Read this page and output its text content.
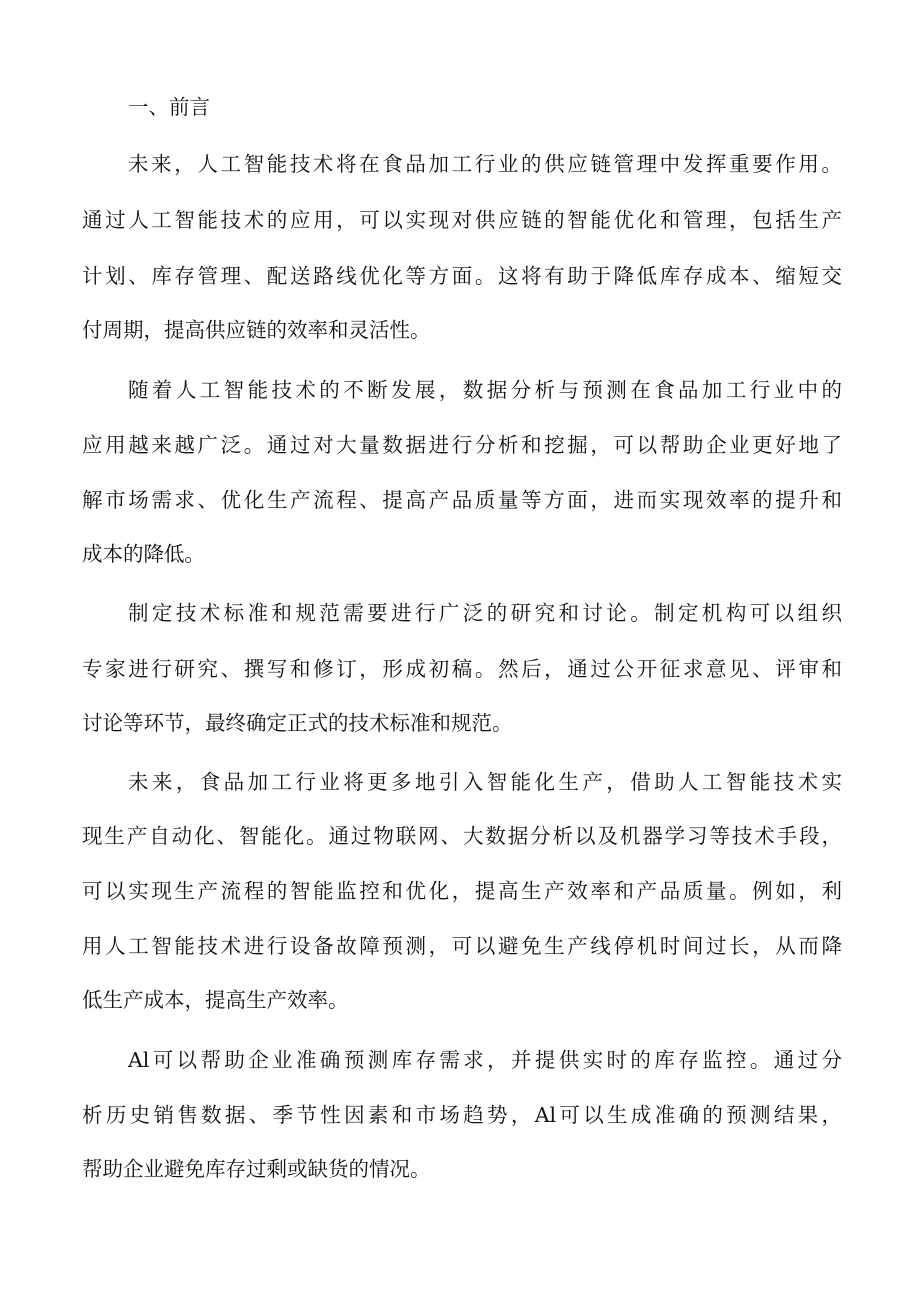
一、前言
未来，人工智能技术将在食品加工行业的供应链管理中发挥重要作用。
通过人工智能技术的应用，可以实现对供应链的智能优化和管理，包括生产
计划、库存管理、配送路线优化等方面。这将有助于降低库存成本、缩短交
付周期，提高供应链的效率和灵活性。
随着人工智能技术的不断发展，数据分析与预测在食品加工行业中的
应用越来越广泛。通过对大量数据进行分析和挖掘，可以帮助企业更好地了
解市场需求、优化生产流程、提高产品质量等方面，进而实现效率的提升和
成本的降低。
制定技术标准和规范需要进行广泛的研究和讨论。制定机构可以组织
专家进行研究、撰写和修订，形成初稿。然后，通过公开征求意见、评审和
讨论等环节，最终确定正式的技术标准和规范。
未来，食品加工行业将更多地引入智能化生产，借助人工智能技术实
现生产自动化、智能化。通过物联网、大数据分析以及机器学习等技术手段，
可以实现生产流程的智能监控和优化，提高生产效率和产品质量。例如，利
用人工智能技术进行设备故障预测，可以避免生产线停机时间过长，从而降
低生产成本，提高生产效率。
Al可以帮助企业准确预测库存需求，并提供实时的库存监控。通过分
析历史销售数据、季节性因素和市场趋势，Al可以生成准确的预测结果，
帮助企业避免库存过剩或缺货的情况。
